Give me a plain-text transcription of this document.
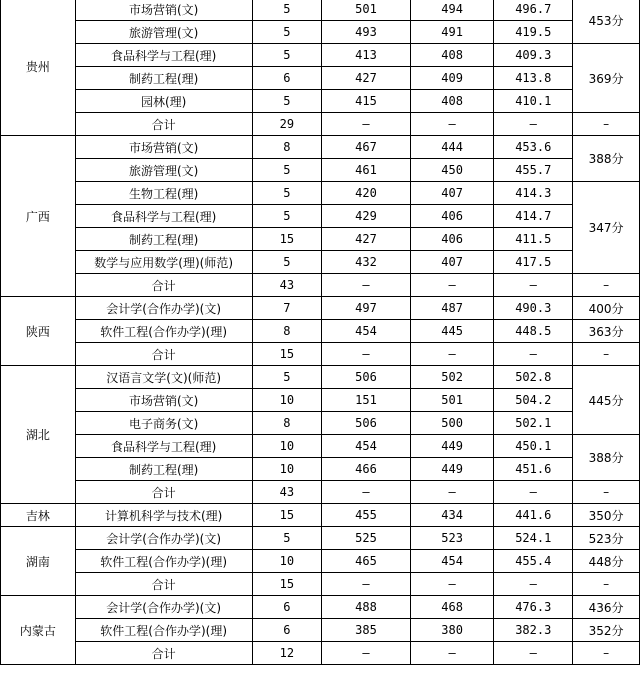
贵州	市场营销(文)	5	501	494	496.7	453分
	旅游管理(文)	5	493	491	419.5	
	食品科学与工程(理)	5	413	408	409.3	369分
	制药工程(理)	6	427	409	413.8	
	园林(理)	5	415	408	410.1	
	合计	29	–	–	–	–
广西	市场营销(文)	8	467	444	453.6	388分
	旅游管理(文)	5	461	450	455.7	
	生物工程(理)	5	420	407	414.3	347分
	食品科学与工程(理)	5	429	406	414.7	
	制药工程(理)	15	427	406	411.5	
	数学与应用数学(理)(师范)	5	432	407	417.5	
	合计	43	–	–	–	–
陕西	会计学(合作办学)(文)	7	497	487	490.3	400分
	软件工程(合作办学)(理)	8	454	445	448.5	363分
	合计	15	–	–	–	–
湖北	汉语言文学(文)(师范)	5	506	502	502.8	445分
	市场营销(文)	10	151	501	504.2	
	电子商务(文)	8	506	500	502.1	
	食品科学与工程(理)	10	454	449	450.1	388分
	制药工程(理)	10	466	449	451.6	
	合计	43	–	–	–	–
吉林	计算机科学与技术(理)	15	455	434	441.6	350分
湖南	会计学(合作办学)(文)	5	525	523	524.1	523分
	软件工程(合作办学)(理)	10	465	454	455.4	448分
	合计	15	–	–	–	–
内蒙古	会计学(合作办学)(文)	6	488	468	476.3	436分
	软件工程(合作办学)(理)	6	385	380	382.3	352分
	合计	12	–	–	–	–
